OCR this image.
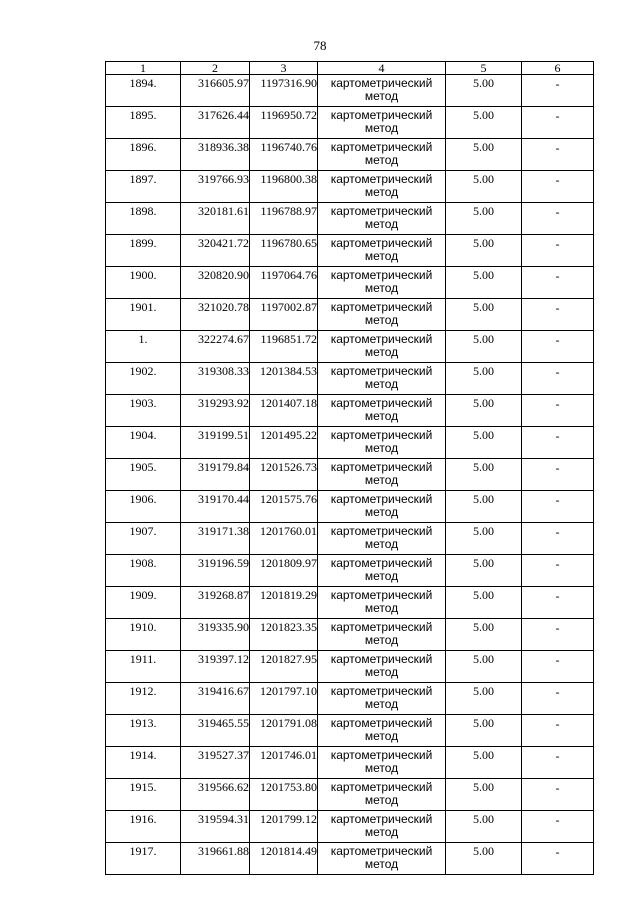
78
1	2	3	4	5	6
1894.	316605.97	1197316.90	картометрический метод	5.00	-
1895.	317626.44	1196950.72	картометрический метод	5.00	-
1896.	318936.38	1196740.76	картометрический метод	5.00	-
1897.	319766.93	1196800.38	картометрический метод	5.00	-
1898.	320181.61	1196788.97	картометрический метод	5.00	-
1899.	320421.72	1196780.65	картометрический метод	5.00	-
1900.	320820.90	1197064.76	картометрический метод	5.00	-
1901.	321020.78	1197002.87	картометрический метод	5.00	-
1.	322274.67	1196851.72	картометрический метод	5.00	-
1902.	319308.33	1201384.53	картометрический метод	5.00	-
1903.	319293.92	1201407.18	картометрический метод	5.00	-
1904.	319199.51	1201495.22	картометрический метод	5.00	-
1905.	319179.84	1201526.73	картометрический метод	5.00	-
1906.	319170.44	1201575.76	картометрический метод	5.00	-
1907.	319171.38	1201760.01	картометрический метод	5.00	-
1908.	319196.59	1201809.97	картометрический метод	5.00	-
1909.	319268.87	1201819.29	картометрический метод	5.00	-
1910.	319335.90	1201823.35	картометрический метод	5.00	-
1911.	319397.12	1201827.95	картометрический метод	5.00	-
1912.	319416.67	1201797.10	картометрический метод	5.00	-
1913.	319465.55	1201791.08	картометрический метод	5.00	-
1914.	319527.37	1201746.01	картометрический метод	5.00	-
1915.	319566.62	1201753.80	картометрический метод	5.00	-
1916.	319594.31	1201799.12	картометрический метод	5.00	-
1917.	319661.88	1201814.49	картометрический метод	5.00	-
